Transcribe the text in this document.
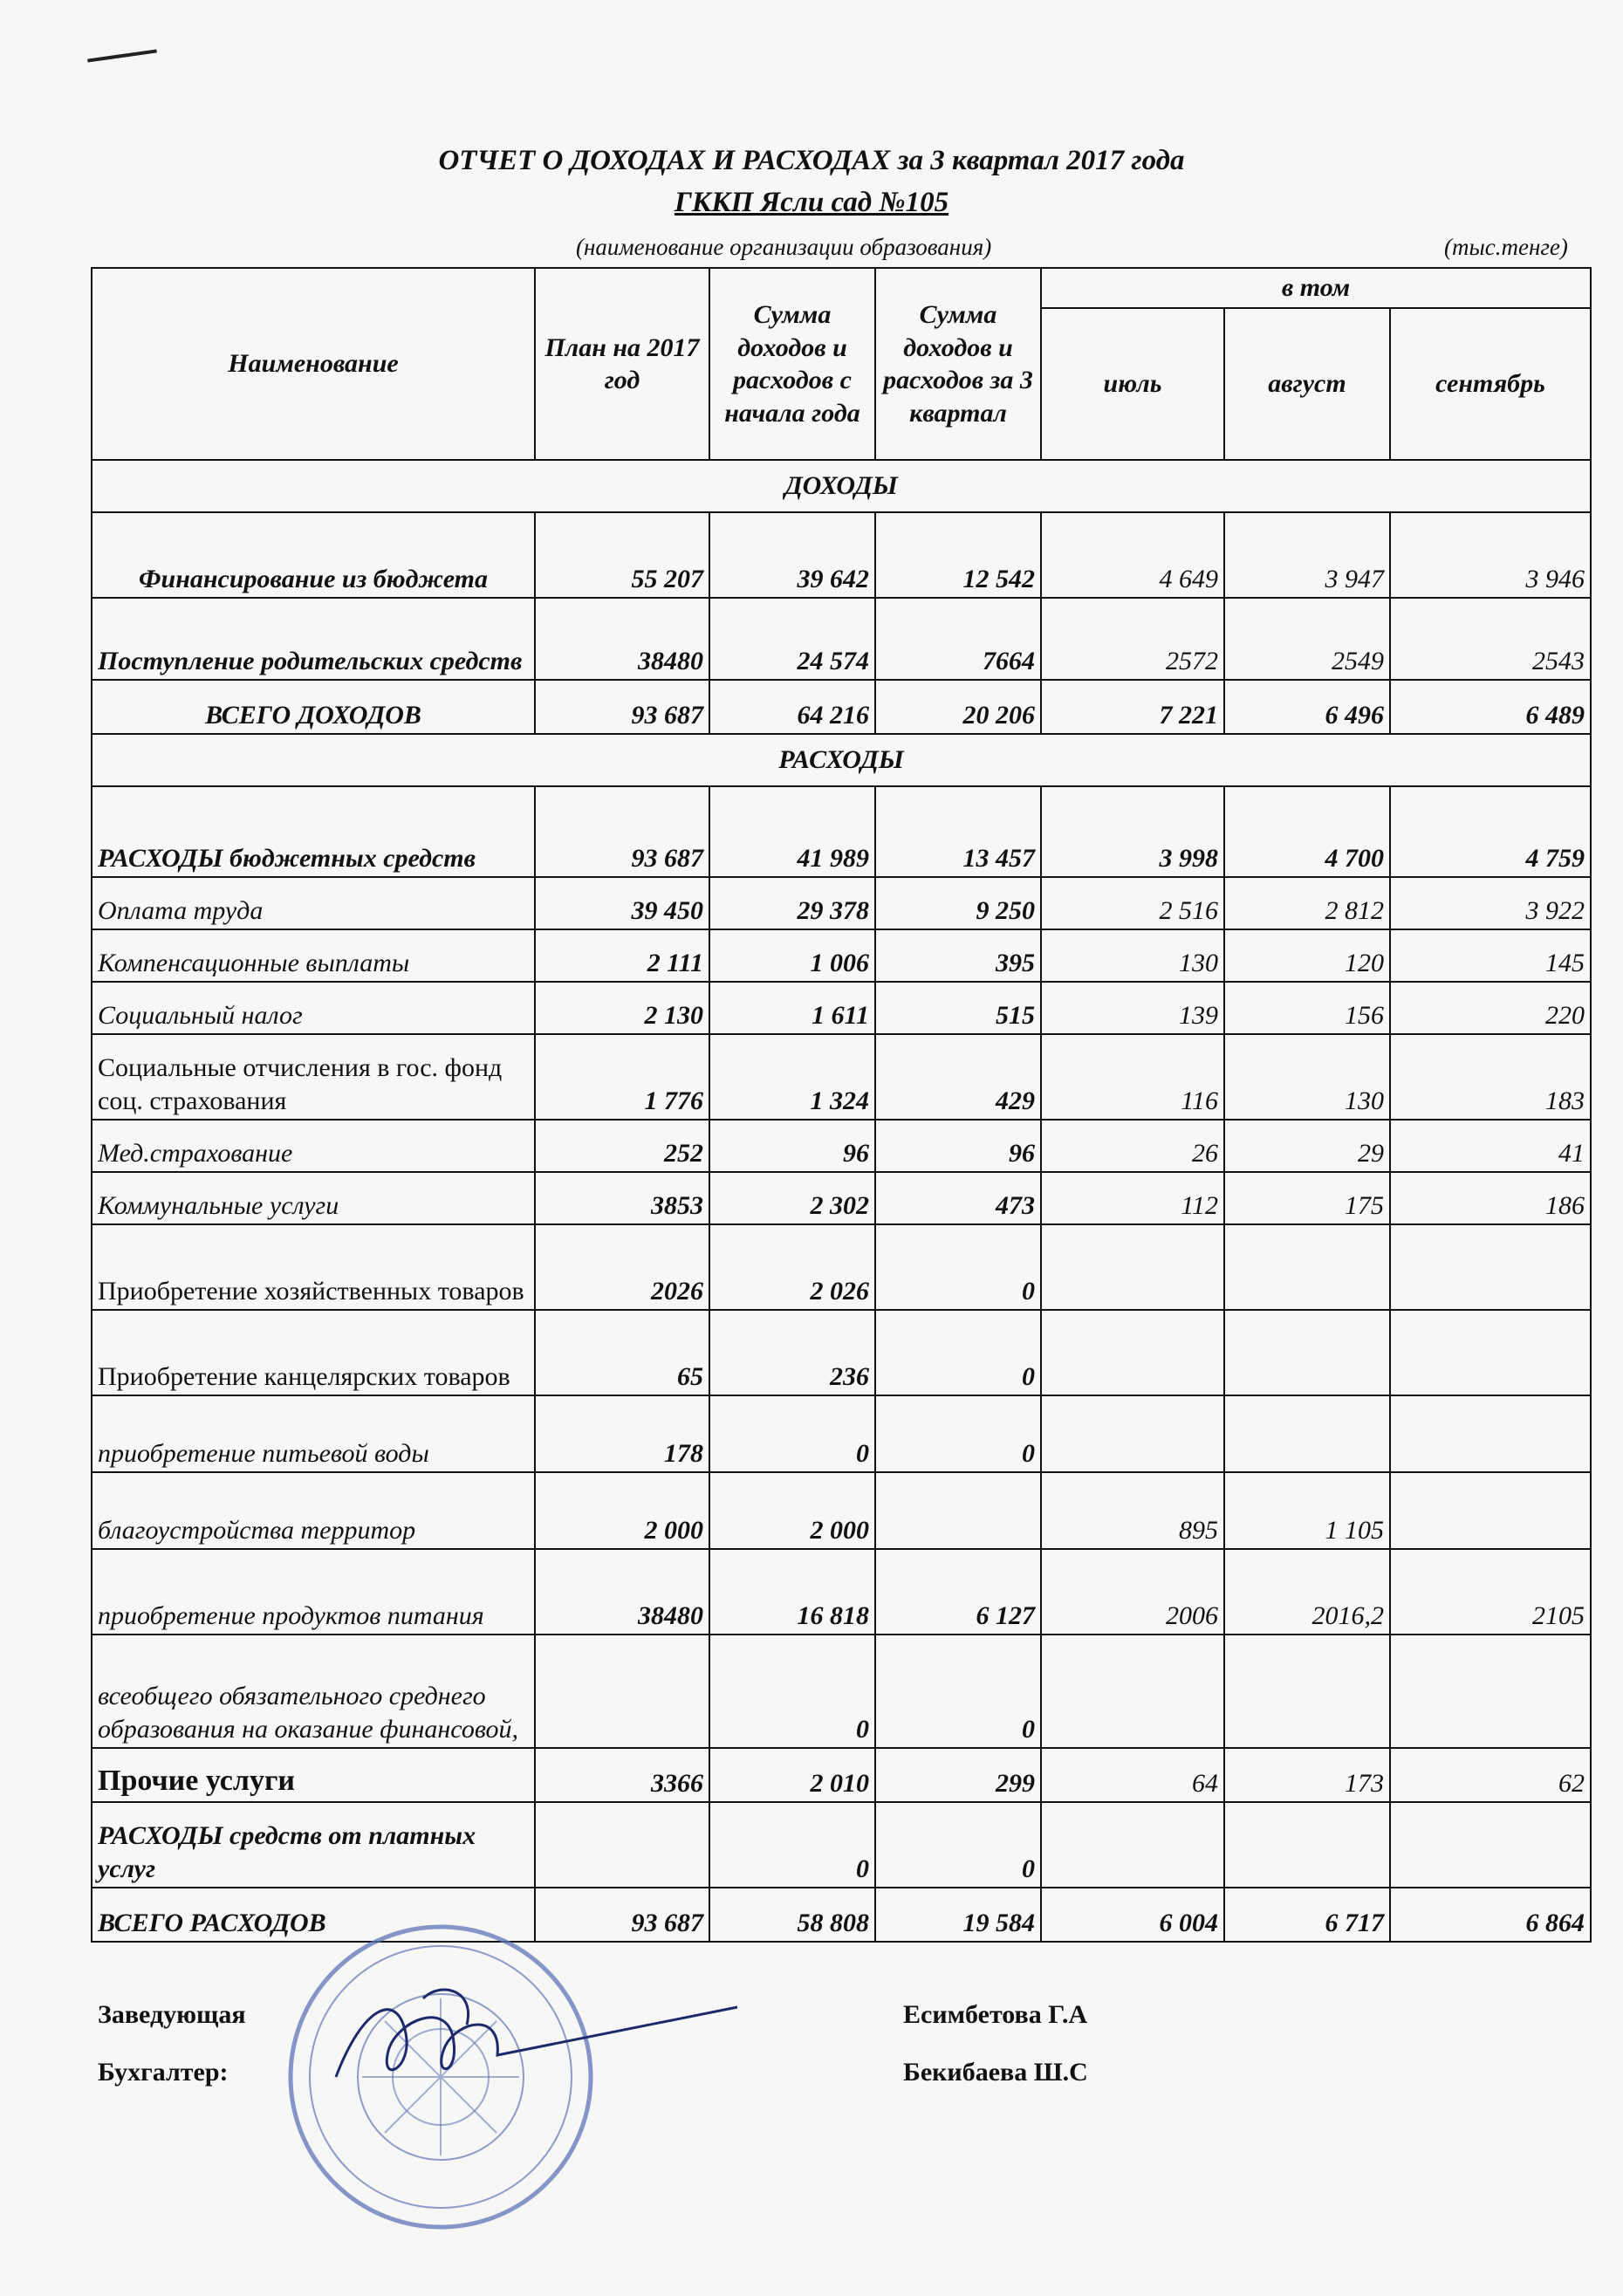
ОТЧЕТ О ДОХОДАХ И РАСХОДАХ за 3 квартал 2017 года
ГККП Ясли сад №105
(наименование организации образования)	(тыс.тенге)
Наименование	План на 2017 год	Сумма доходов и расходов с начала года	Сумма доходов и расходов за 3 квартал	в том		
				июль	август	сентябрь
ДОХОДЫ						
Финансирование из бюджета	55 207	39 642	12 542	4 649	3 947	3 946
Поступление родительских средств	38480	24 574	7664	2572	2549	2543
ВСЕГО ДОХОДОВ	93 687	64 216	20 206	7 221	6 496	6 489
РАСХОДЫ						
РАСХОДЫ бюджетных средств	93 687	41 989	13 457	3 998	4 700	4 759
Оплата труда	39 450	29 378	9 250	2 516	2 812	3 922
Компенсационные выплаты	2 111	1 006	395	130	120	145
Социальный налог	2 130	1 611	515	139	156	220
Социальные отчисления в гос. фонд соц. страхования	1 776	1 324	429	116	130	183
Мед.страхование	252	96	96	26	29	41
Коммунальные услуги	3853	2 302	473	112	175	186
Приобретение хозяйственных товаров	2026	2 026	0			
Приобретение канцелярских товаров	65	236	0			
приобретение питьевой воды	178	0	0			
благоустройства территор	2 000	2 000		895	1 105	
приобретение продуктов питания	38480	16 818	6 127	2006	2016,2	2105
всеобщего обязательного среднего образования на оказание финансовой,		0	0			
Прочие услуги	3366	2 010	299	64	173	62
РАСХОДЫ средств от платных услуг		0	0			
ВСЕГО РАСХОДОВ	93 687	58 808	19 584	6 004	6 717	6 864
Заведующая	Есимбетова Г.А
Бухгалтер:	Бекибаева Ш.С
